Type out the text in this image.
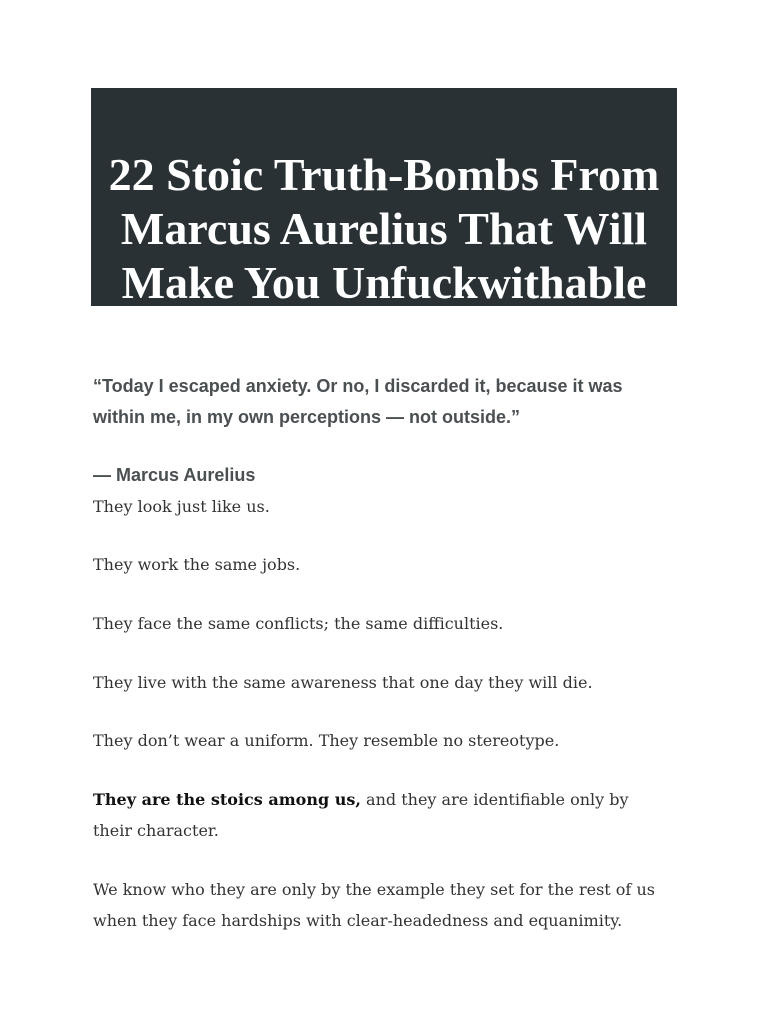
22 Stoic Truth-Bombs From
Marcus Aurelius That Will
Make You Unfuckwithable
“Today I escaped anxiety. Or no, I discarded it, because it was
within me, in my own perceptions — not outside.”
— Marcus Aurelius
They look just like us.
They work the same jobs.
They face the same conflicts; the same difficulties.
They live with the same awareness that one day they will die.
They don’t wear a uniform. They resemble no stereotype.
They are the stoics among us, and they are identifiable only by
their character.
We know who they are only by the example they set for the rest of us
when they face hardships with clear-headedness and equanimity.
